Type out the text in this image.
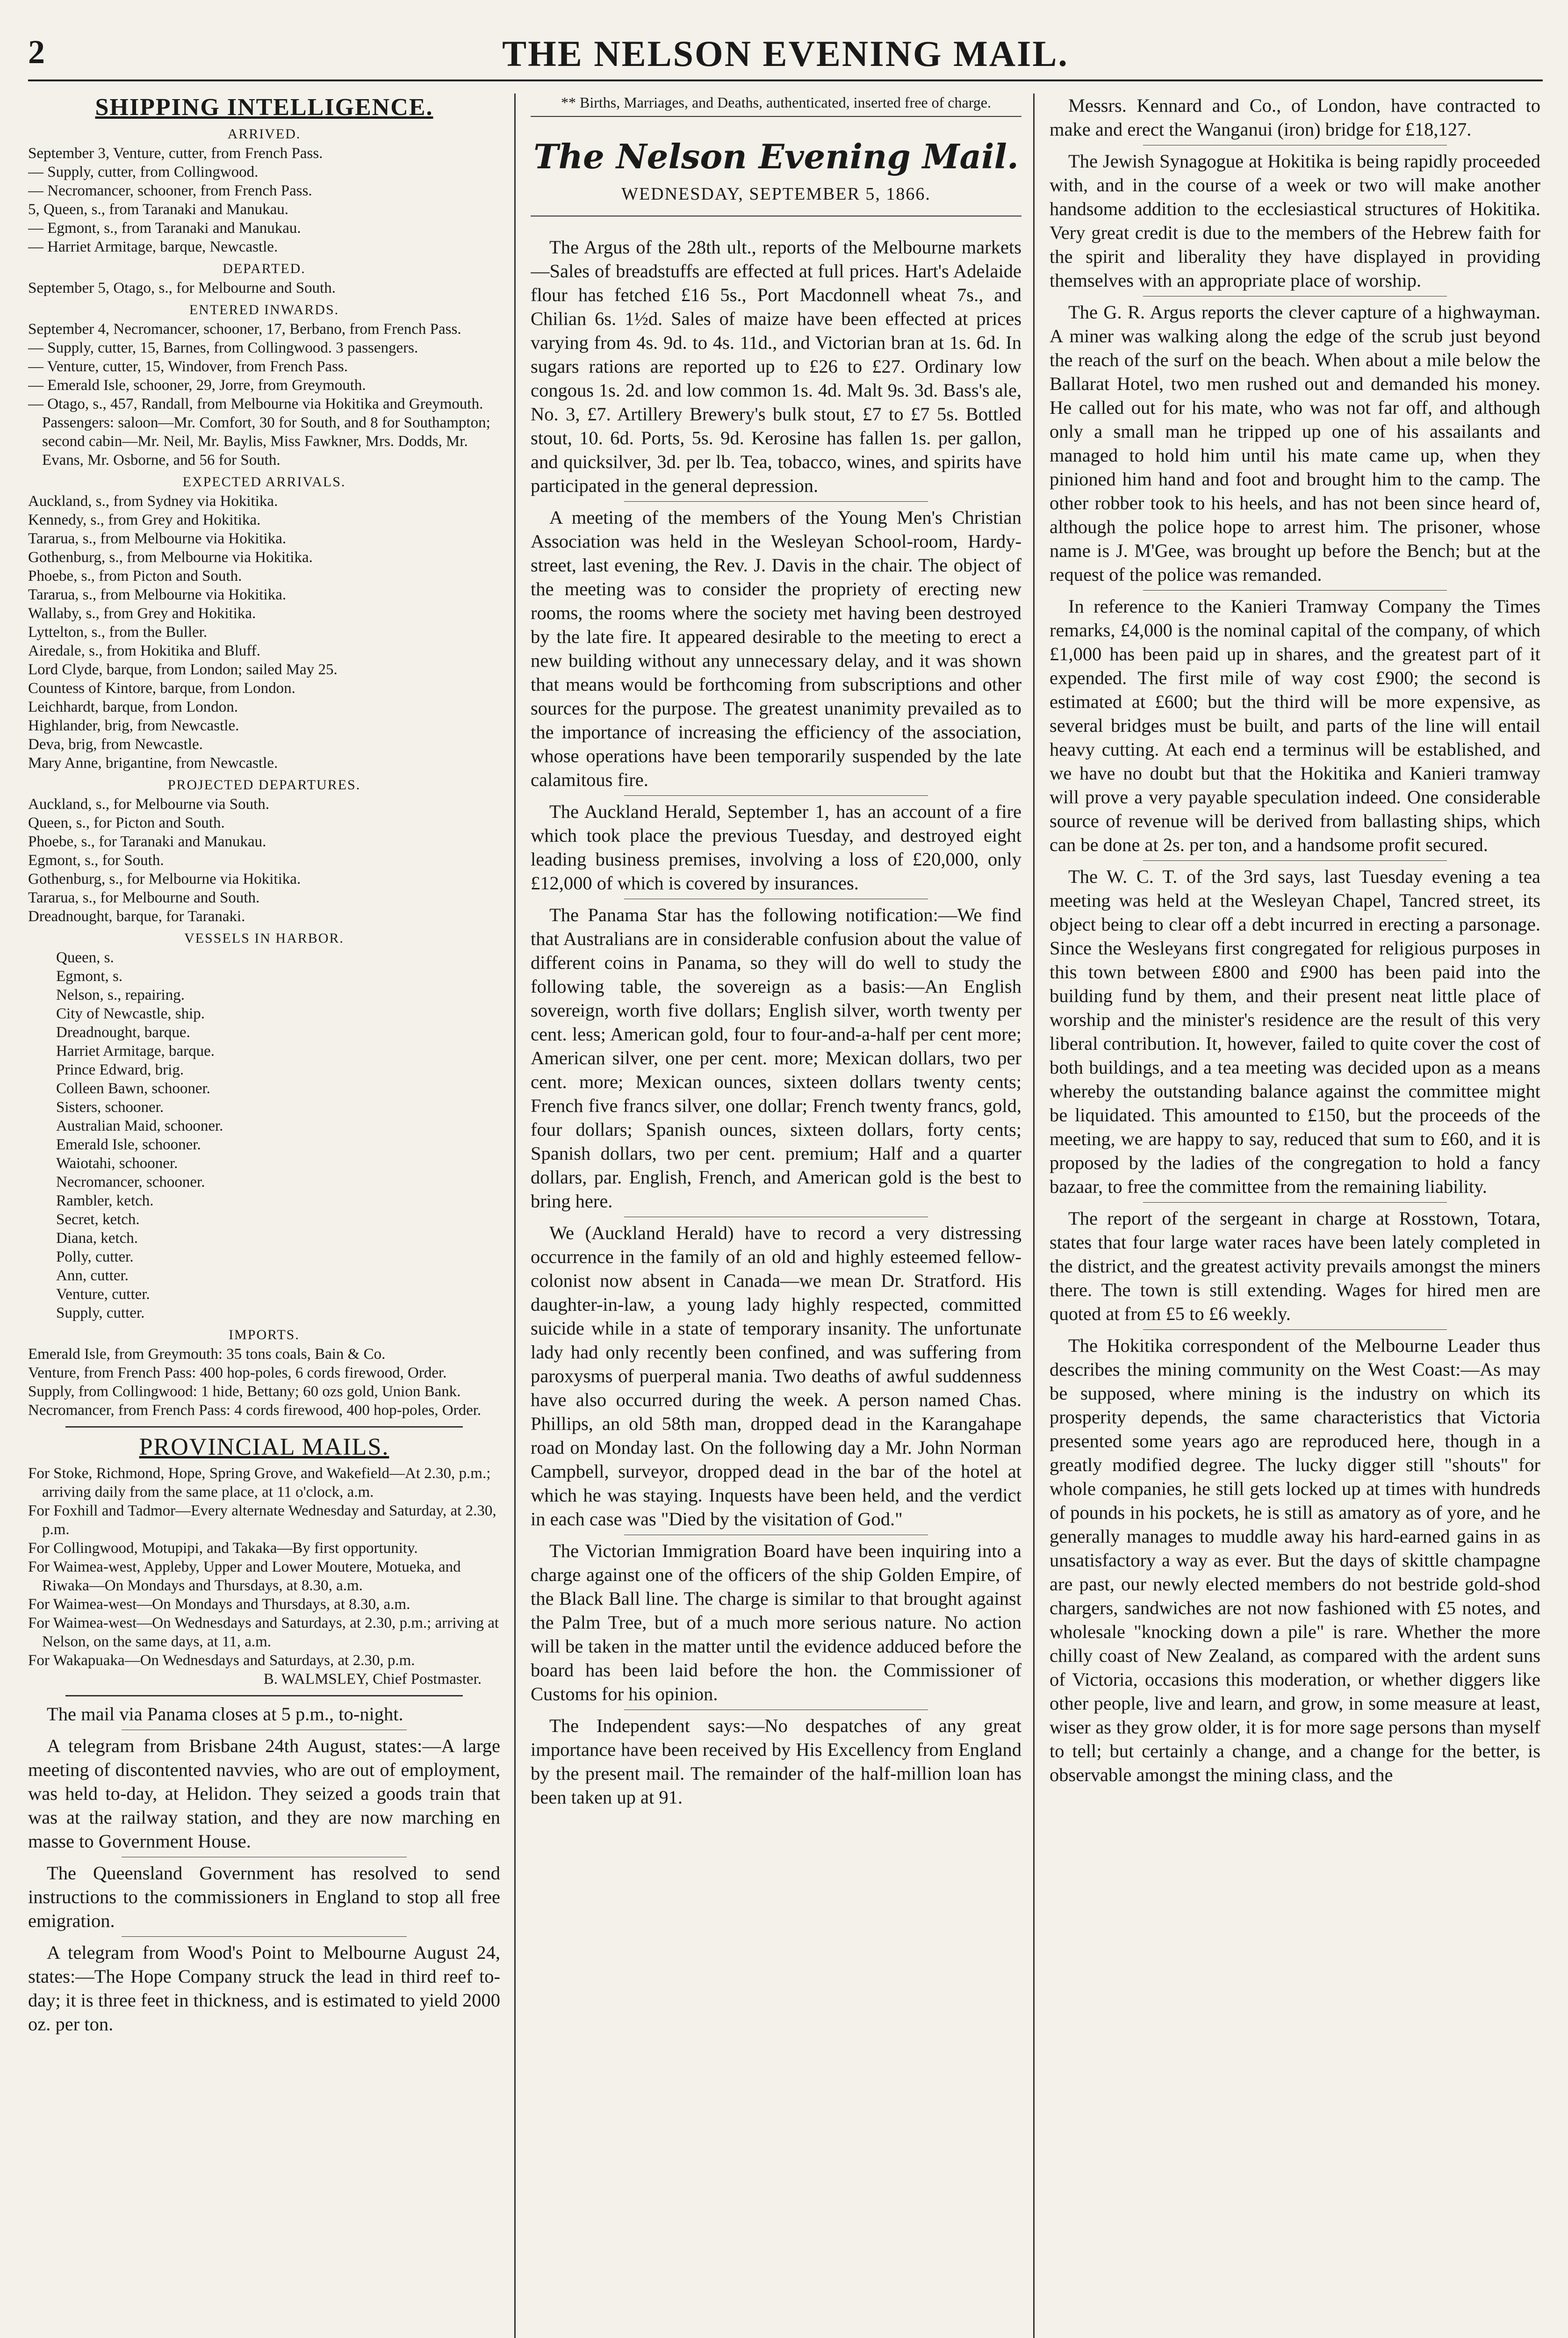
2	THE NELSON EVENING MAIL.
SHIPPING INTELLIGENCE.
ARRIVED.
September 3, Venture, cutter, from French Pass.
— Supply, cutter, from Collingwood.
— Necromancer, schooner, from French Pass.
5, Queen, s., from Taranaki and Manukau.
— Egmont, s., from Taranaki and Manukau.
— Harriet Armitage, barque, Newcastle.
DEPARTED.
September 5, Otago, s., for Melbourne and South.
ENTERED INWARDS.
September 4, Necromancer, schooner, 17, Berbano, from French Pass.
— Supply, cutter, 15, Barnes, from Collingwood. 3 passengers.
— Venture, cutter, 15, Windover, from French Pass.
— Emerald Isle, schooner, 29, Jorre, from Greymouth.
— Otago, s., 457, Randall, from Melbourne via Hokitika and Greymouth. Passengers: saloon—Mr. Comfort, 30 for South, and 8 for Southampton; second cabin—Mr. Neil, Mr. Baylis, Miss Fawkner, Mrs. Dodds, Mr. Evans, Mr. Osborne, and 56 for South.
EXPECTED ARRIVALS.
Auckland, s., from Sydney via Hokitika.
Kennedy, s., from Grey and Hokitika.
Tararua, s., from Melbourne via Hokitika.
Gothenburg, s., from Melbourne via Hokitika.
Phoebe, s., from Picton and South.
Tararua, s., from Melbourne via Hokitika.
Wallaby, s., from Grey and Hokitika.
Lyttelton, s., from the Buller.
Airedale, s., from Hokitika and Bluff.
Lord Clyde, barque, from London; sailed May 25.
Countess of Kintore, barque, from London.
Leichhardt, barque, from London.
Highlander, brig, from Newcastle.
Deva, brig, from Newcastle.
Mary Anne, brigantine, from Newcastle.
PROJECTED DEPARTURES.
Auckland, s., for Melbourne via South.
Queen, s., for Picton and South.
Phoebe, s., for Taranaki and Manukau.
Egmont, s., for South.
Gothenburg, s., for Melbourne via Hokitika.
Tararua, s., for Melbourne and South.
Dreadnought, barque, for Taranaki.
VESSELS IN HARBOR.
Queen, s.
Egmont, s.
Nelson, s., repairing.
City of Newcastle, ship.
Dreadnought, barque.
Harriet Armitage, barque.
Prince Edward, brig.
Colleen Bawn, schooner.
Sisters, schooner.
Australian Maid, schooner.
Emerald Isle, schooner.
Waiotahi, schooner.
Necromancer, schooner.
Rambler, ketch.
Secret, ketch.
Diana, ketch.
Polly, cutter.
Ann, cutter.
Venture, cutter.
Supply, cutter.
IMPORTS.
Emerald Isle, from Greymouth: 35 tons coals, Bain & Co.
Venture, from French Pass: 400 hop-poles, 6 cords firewood, Order.
Supply, from Collingwood: 1 hide, Bettany; 60 ozs gold, Union Bank.
Necromancer, from French Pass: 4 cords firewood, 400 hop-poles, Order.
PROVINCIAL MAILS.
For Stoke, Richmond, Hope, Spring Grove, and Wakefield—At 2.30, p.m.; arriving daily from the same place, at 11 o'clock, a.m.
For Foxhill and Tadmor—Every alternate Wednesday and Saturday, at 2.30, p.m.
For Collingwood, Motupipi, and Takaka—By first opportunity.
For Waimea-west, Appleby, Upper and Lower Moutere, Motueka, and Riwaka—On Mondays and Thursdays, at 8.30, a.m.
For Waimea-west—On Mondays and Thursdays, at 8.30, a.m.
For Waimea-west—On Wednesdays and Saturdays, at 2.30, p.m.; arriving at Nelson, on the same days, at 11, a.m.
For Wakapuaka—On Wednesdays and Saturdays, at 2.30, p.m.
B. WALMSLEY, Chief Postmaster.
The mail via Panama closes at 5 p.m., to-night.
A telegram from Brisbane 24th August, states:—A large meeting of discontented navvies, who are out of employment, was held to-day, at Helidon. They seized a goods train that was at the railway station, and they are now marching en masse to Government House.
The Queensland Government has resolved to send instructions to the commissioners in England to stop all free emigration.
A telegram from Wood's Point to Melbourne August 24, states:—The Hope Company struck the lead in third reef to-day; it is three feet in thickness, and is estimated to yield 2000 oz. per ton.
** Births, Marriages, and Deaths, authenticated, inserted free of charge.
The Nelson Evening Mail.
WEDNESDAY, SEPTEMBER 5, 1866.
The Argus of the 28th ult., reports of the Melbourne markets—Sales of breadstuffs are effected at full prices. Hart's Adelaide flour has fetched £16 5s., Port Macdonnell wheat 7s., and Chilian 6s. 1½d. Sales of maize have been effected at prices varying from 4s. 9d. to 4s. 11d., and Victorian bran at 1s. 6d. In sugars rations are reported up to £26 to £27. Ordinary low congous 1s. 2d. and low common 1s. 4d. Malt 9s. 3d. Bass's ale, No. 3, £7. Artillery Brewery's bulk stout, £7 to £7 5s. Bottled stout, 10. 6d. Ports, 5s. 9d. Kerosine has fallen 1s. per gallon, and quicksilver, 3d. per lb. Tea, tobacco, wines, and spirits have participated in the general depression.
A meeting of the members of the Young Men's Christian Association was held in the Wesleyan School-room, Hardy-street, last evening, the Rev. J. Davis in the chair. The object of the meeting was to consider the propriety of erecting new rooms, the rooms where the society met having been destroyed by the late fire. It appeared desirable to the meeting to erect a new building without any unnecessary delay, and it was shown that means would be forthcoming from subscriptions and other sources for the purpose. The greatest unanimity prevailed as to the importance of increasing the efficiency of the association, whose operations have been temporarily suspended by the late calamitous fire.
The Auckland Herald, September 1, has an account of a fire which took place the previous Tuesday, and destroyed eight leading business premises, involving a loss of £20,000, only £12,000 of which is covered by insurances.
The Panama Star has the following notification:—We find that Australians are in considerable confusion about the value of different coins in Panama, so they will do well to study the following table, the sovereign as a basis:—An English sovereign, worth five dollars; English silver, worth twenty per cent. less; American gold, four to four-and-a-half per cent more; American silver, one per cent. more; Mexican dollars, two per cent. more; Mexican ounces, sixteen dollars twenty cents; French five francs silver, one dollar; French twenty francs, gold, four dollars; Spanish ounces, sixteen dollars, forty cents; Spanish dollars, two per cent. premium; Half and a quarter dollars, par. English, French, and American gold is the best to bring here.
We (Auckland Herald) have to record a very distressing occurrence in the family of an old and highly esteemed fellow-colonist now absent in Canada—we mean Dr. Stratford. His daughter-in-law, a young lady highly respected, committed suicide while in a state of temporary insanity. The unfortunate lady had only recently been confined, and was suffering from paroxysms of puerperal mania. Two deaths of awful suddenness have also occurred during the week. A person named Chas. Phillips, an old 58th man, dropped dead in the Karangahape road on Monday last. On the following day a Mr. John Norman Campbell, surveyor, dropped dead in the bar of the hotel at which he was staying. Inquests have been held, and the verdict in each case was "Died by the visitation of God."
The Victorian Immigration Board have been inquiring into a charge against one of the officers of the ship Golden Empire, of the Black Ball line. The charge is similar to that brought against the Palm Tree, but of a much more serious nature. No action will be taken in the matter until the evidence adduced before the board has been laid before the hon. the Commissioner of Customs for his opinion.
The Independent says:—No despatches of any great importance have been received by His Excellency from England by the present mail. The remainder of the half-million loan has been taken up at 91.
Messrs. Kennard and Co., of London, have contracted to make and erect the Wanganui (iron) bridge for £18,127.
The Jewish Synagogue at Hokitika is being rapidly proceeded with, and in the course of a week or two will make another handsome addition to the ecclesiastical structures of Hokitika. Very great credit is due to the members of the Hebrew faith for the spirit and liberality they have displayed in providing themselves with an appropriate place of worship.
The G. R. Argus reports the clever capture of a highwayman. A miner was walking along the edge of the scrub just beyond the reach of the surf on the beach. When about a mile below the Ballarat Hotel, two men rushed out and demanded his money. He called out for his mate, who was not far off, and although only a small man he tripped up one of his assailants and managed to hold him until his mate came up, when they pinioned him hand and foot and brought him to the camp. The other robber took to his heels, and has not been since heard of, although the police hope to arrest him. The prisoner, whose name is J. M'Gee, was brought up before the Bench; but at the request of the police was remanded.
In reference to the Kanieri Tramway Company the Times remarks, £4,000 is the nominal capital of the company, of which £1,000 has been paid up in shares, and the greatest part of it expended. The first mile of way cost £900; the second is estimated at £600; but the third will be more expensive, as several bridges must be built, and parts of the line will entail heavy cutting. At each end a terminus will be established, and we have no doubt but that the Hokitika and Kanieri tramway will prove a very payable speculation indeed. One considerable source of revenue will be derived from ballasting ships, which can be done at 2s. per ton, and a handsome profit secured.
The W. C. T. of the 3rd says, last Tuesday evening a tea meeting was held at the Wesleyan Chapel, Tancred street, its object being to clear off a debt incurred in erecting a parsonage. Since the Wesleyans first congregated for religious purposes in this town between £800 and £900 has been paid into the building fund by them, and their present neat little place of worship and the minister's residence are the result of this very liberal contribution. It, however, failed to quite cover the cost of both buildings, and a tea meeting was decided upon as a means whereby the outstanding balance against the committee might be liquidated. This amounted to £150, but the proceeds of the meeting, we are happy to say, reduced that sum to £60, and it is proposed by the ladies of the congregation to hold a fancy bazaar, to free the committee from the remaining liability.
The report of the sergeant in charge at Rosstown, Totara, states that four large water races have been lately completed in the district, and the greatest activity prevails amongst the miners there. The town is still extending. Wages for hired men are quoted at from £5 to £6 weekly.
The Hokitika correspondent of the Melbourne Leader thus describes the mining community on the West Coast:—As may be supposed, where mining is the industry on which its prosperity depends, the same characteristics that Victoria presented some years ago are reproduced here, though in a greatly modified degree. The lucky digger still "shouts" for whole companies, he still gets locked up at times with hundreds of pounds in his pockets, he is still as amatory as of yore, and he generally manages to muddle away his hard-earned gains in as unsatisfactory a way as ever. But the days of skittle champagne are past, our newly elected members do not bestride gold-shod chargers, sandwiches are not now fashioned with £5 notes, and wholesale "knocking down a pile" is rare. Whether the more chilly coast of New Zealand, as compared with the ardent suns of Victoria, occasions this moderation, or whether diggers like other people, live and learn, and grow, in some measure at least, wiser as they grow older, it is for more sage persons than myself to tell; but certainly a change, and a change for the better, is observable amongst the mining class, and the
